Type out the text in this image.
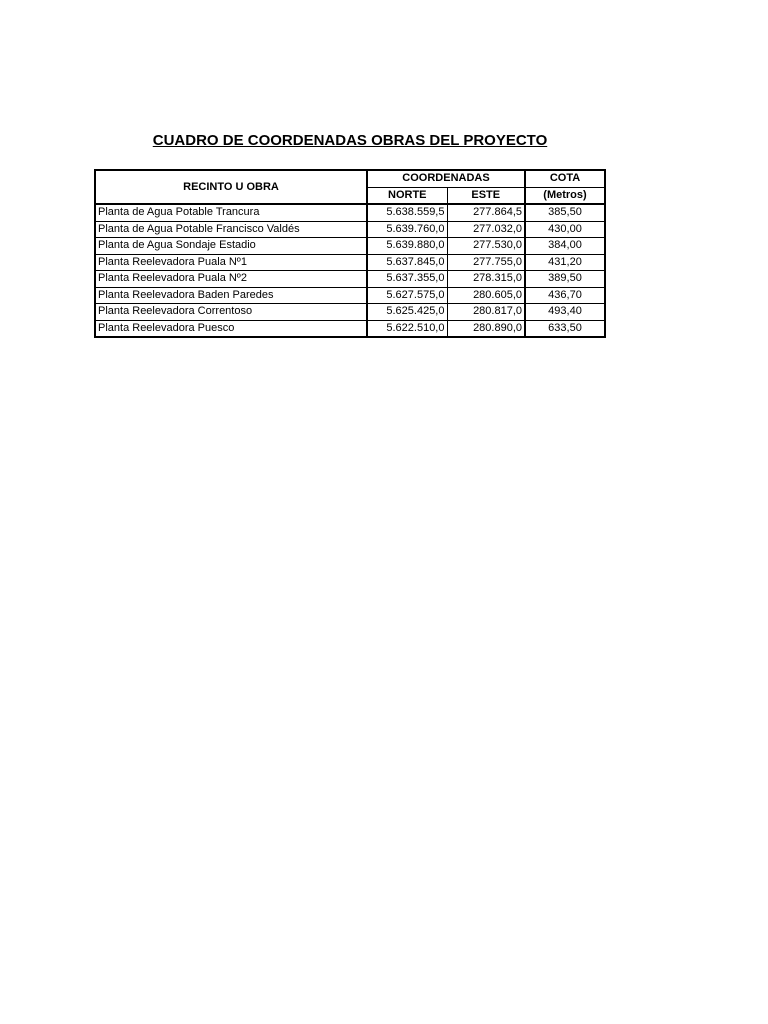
CUADRO DE COORDENADAS OBRAS DEL PROYECTO
RECINTO U OBRA	COORDENADAS		COTA
	NORTE	ESTE	(Metros)
Planta de Agua Potable Trancura	5.638.559,5	277.864,5	385,50
Planta de Agua Potable Francisco Valdés	5.639.760,0	277.032,0	430,00
Planta de Agua Sondaje Estadio	5.639.880,0	277.530,0	384,00
Planta Reelevadora Puala Nº1	5.637.845,0	277.755,0	431,20
Planta Reelevadora Puala Nº2	5.637.355,0	278.315,0	389,50
Planta Reelevadora Baden Paredes	5.627.575,0	280.605,0	436,70
Planta Reelevadora Correntoso	5.625.425,0	280.817,0	493,40
Planta Reelevadora Puesco	5.622.510,0	280.890,0	633,50
